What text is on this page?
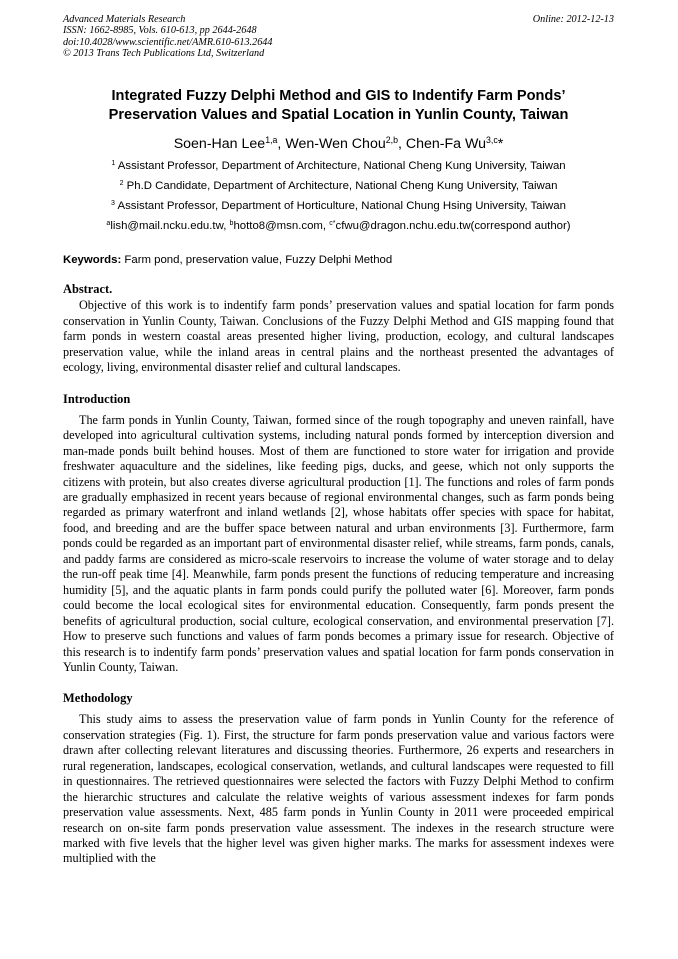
Advanced Materials Research
ISSN: 1662-8985, Vols. 610-613, pp 2644-2648
doi:10.4028/www.scientific.net/AMR.610-613.2644
© 2013 Trans Tech Publications Ltd, Switzerland
Online: 2012-12-13
Integrated Fuzzy Delphi Method and GIS to Indentify Farm Ponds’
Preservation Values and Spatial Location in Yunlin County, Taiwan
Soen-Han Lee$^{1,a}$, Wen-Wen Chou$^{2,b}$, Chen-Fa Wu$^{3,c}$*
$^1$ Assistant Professor, Department of Architecture, National Cheng Kung University, Taiwan
$^2$ Ph.D Candidate, Department of Architecture, National Cheng Kung University, Taiwan
$^3$ Assistant Professor, Department of Horticulture, National Chung Hsing University, Taiwan
$^a$lish@mail.ncku.edu.tw, $^b$hotto8@msn.com, $^{c*}$cfwu@dragon.nchu.edu.tw(correspond author)
Keywords: Farm pond, preservation value, Fuzzy Delphi Method
Abstract.

Objective of this work is to indentify farm ponds’ preservation values and spatial location for farm ponds conservation in Yunlin County, Taiwan. Conclusions of the Fuzzy Delphi Method and GIS mapping found that farm ponds in western coastal areas presented higher living, production, ecology, and cultural landscapes preservation value, while the inland areas in central plains and the northeast presented the advantages of ecology, living, environmental disaster relief and cultural landscapes.

Introduction

The farm ponds in Yunlin County, Taiwan, formed since of the rough topography and uneven rainfall, have developed into agricultural cultivation systems, including natural ponds formed by interception diversion and man-made ponds built behind houses. Most of them are functioned to store water for irrigation and provide freshwater aquaculture and the sidelines, like feeding pigs, ducks, and geese, which not only supports the citizens with protein, but also creates diverse agricultural production [1]. The functions and roles of farm ponds are gradually emphasized in recent years because of regional environmental changes, such as farm ponds being regarded as primary waterfront and inland wetlands [2], whose habitats offer species with space for habitat, food, and breeding and are the buffer space between natural and urban environments [3]. Furthermore, farm ponds could be regarded as an important part of environmental disaster relief, while streams, farm ponds, canals, and paddy farms are considered as micro-scale reservoirs to increase the volume of water storage and to delay the run-off peak time [4]. Meanwhile, farm ponds present the functions of reducing temperature and increasing humidity [5], and the aquatic plants in farm ponds could purify the polluted water [6]. Moreover, farm ponds could become the local ecological sites for environmental education. Consequently, farm ponds present the benefits of agricultural production, social culture, ecological conservation, and environmental preservation [7]. How to preserve such functions and values of farm ponds becomes a primary issue for research. Objective of this research is to indentify farm ponds’ preservation values and spatial location for farm ponds conservation in Yunlin County, Taiwan.

Methodology

This study aims to assess the preservation value of farm ponds in Yunlin County for the reference of conservation strategies (Fig. 1). First, the structure for farm ponds preservation value and various factors were drawn after collecting relevant literatures and discussing theories. Furthermore, 26 experts and researchers in rural regeneration, landscapes, ecological conservation, wetlands, and cultural landscapes were requested to fill in questionnaires. The retrieved questionnaires were selected the factors with Fuzzy Delphi Method to confirm the hierarchic structures and calculate the relative weights of various assessment indexes for farm ponds preservation value assessments. Next, 485 farm ponds in Yunlin County in 2011 were proceeded empirical research on on-site farm ponds preservation value assessment. The indexes in the research structure were marked with five levels that the higher level was given higher marks. The marks for assessment indexes were multiplied with the
